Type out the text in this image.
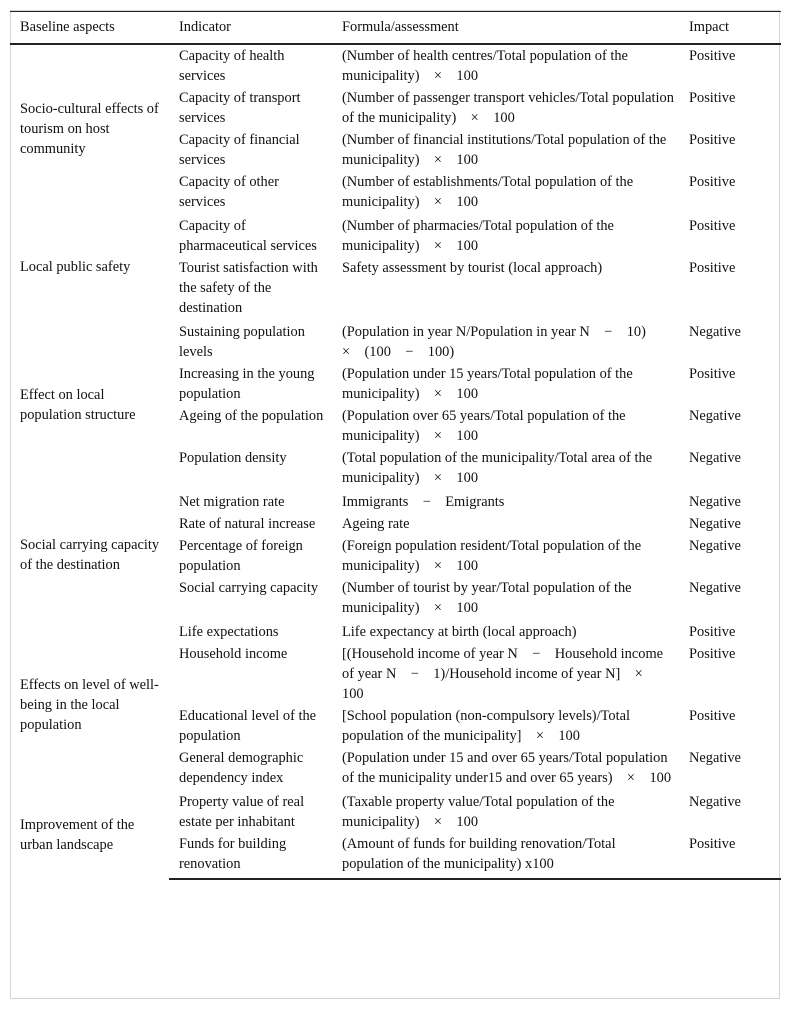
Baseline aspects	Indicator	Formula/assessment	Impact
Socio-cultural effects of tourism on host community	Capacity of health services	(Number of health centres/Total population of the municipality) × 100	Positive
	Capacity of transport services	(Number of passenger transport vehicles/Total population of the municipality) × 100	Positive
	Capacity of financial services	(Number of financial institutions/Total population of the municipality) × 100	Positive
	Capacity of other services	(Number of establishments/Total population of the municipality) × 100	Positive
Local public safety	Capacity of pharmaceutical services	(Number of pharmacies/Total population of the municipality) × 100	Positive
	Tourist satisfaction with the safety of the destination	Safety assessment by tourist (local approach)	Positive
Effect on local population structure	Sustaining population levels	(Population in year N/Population in year N − 10) × (100 − 100)	Negative
	Increasing in the young population	(Population under 15 years/Total population of the municipality) × 100	Positive
	Ageing of the population	(Population over 65 years/Total population of the municipality) × 100	Negative
	Population density	(Total population of the municipality/Total area of the municipality) × 100	Negative
Social carrying capacity of the destination	Net migration rate	Immigrants − Emigrants	Negative
	Rate of natural increase	Ageing rate	Negative
	Percentage of foreign population	(Foreign population resident/Total population of the municipality) × 100	Negative
	Social carrying capacity	(Number of tourist by year/Total population of the municipality) × 100	Negative
Effects on level of well-being in the local population	Life expectations	Life expectancy at birth (local approach)	Positive
	Household income	[(Household income of year N − Household income of year N − 1)/Household income of year N] × 100	Positive
	Educational level of the population	[School population (non-compulsory levels)/Total population of the municipality] × 100	Positive
	General demographic dependency index	(Population under 15 and over 65 years/Total population of the municipality under15 and over 65 years) × 100	Negative
Improvement of the urban landscape	Property value of real estate per inhabitant	(Taxable property value/Total population of the municipality) × 100	Negative
	Funds for building renovation	(Amount of funds for building renovation/Total population of the municipality) x100	Positive
